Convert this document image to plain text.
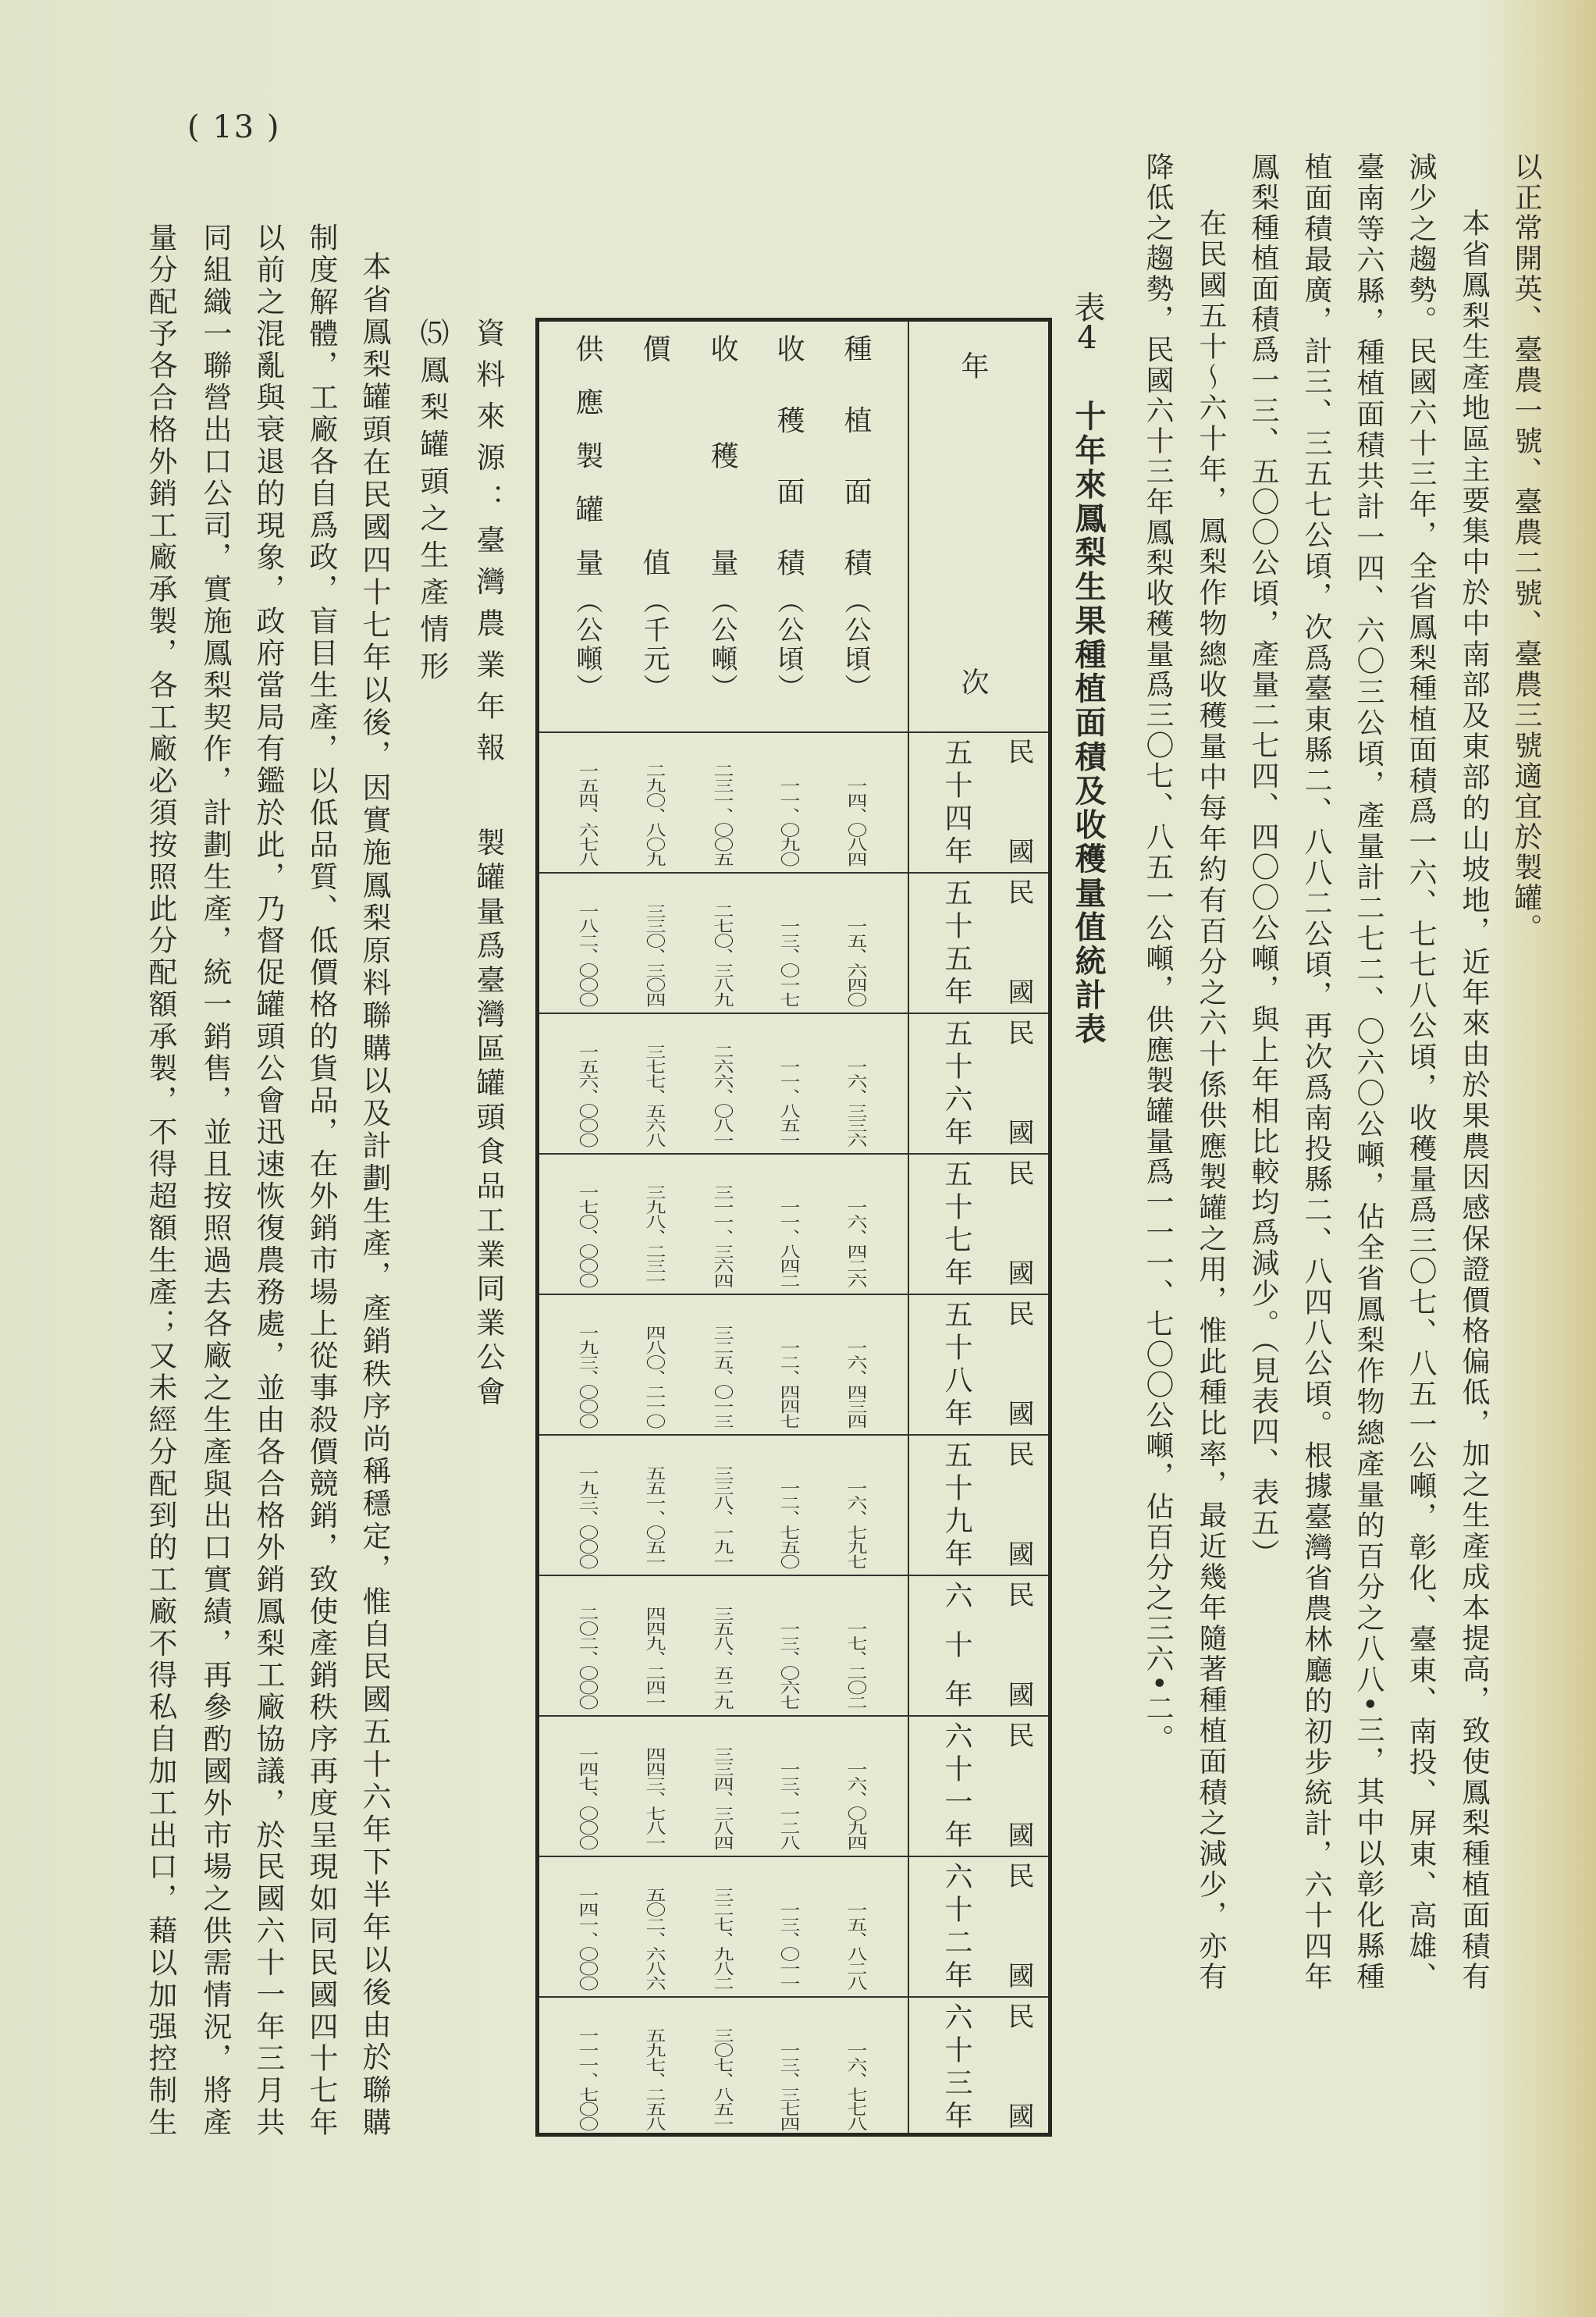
( 13 )
以正常開英、臺農一號、臺農二號、臺農三號適宜於製罐。
本省鳳梨生產地區主要集中於中南部及東部的山坡地，近年來由於果農因感保證價格偏低，加之生產成本提高，致使鳳梨種植面積有
減少之趨勢。民國六十三年，全省鳳梨種植面積爲一六、七七八公頃，收穫量爲三〇七、八五一公噸，彰化、臺東、南投、屏東、高雄、
臺南等六縣，種植面積共計一四、六〇三公頃，產量計二七二、〇六〇公噸，佔全省鳳梨作物總產量的百分之八八•三，其中以彰化縣種
植面積最廣，計三、三五七公頃，次爲臺東縣二、八八二公頃，再次爲南投縣二、八四八公頃。根據臺灣省農林廳的初步統計，六十四年
鳳梨種植面積爲一三、五〇〇公頃，產量二七四、四〇〇公噸，與上年相比較均爲減少。（見表四、表五）
在民國五十～六十年，鳳梨作物總收穫量中每年約有百分之六十係供應製罐之用，惟此種比率，最近幾年隨著種植面積之減少，亦有
降低之趨勢，民國六十三年鳳梨收穫量爲三〇七、八五一公噸，供應製罐量爲一一一、七〇〇公噸，佔百分之三六•二。
表4
十年來鳳梨生果種植面積及收穫量值統計表
年次
種植面積
（公頃）
收穫面積
（公頃）
收穫量
（公噸）
價值
（千元）
供應製罐量
（公噸）
民國
五十四年
一四、〇八四
一一、〇九〇
二三一、〇〇五
二九〇、八〇九
一五四、六七八
民國
五十五年
一五、六四〇
一三、〇一七
二七〇、三八九
三三〇、三〇四
一八二、〇〇〇
民國
五十六年
一六、三三六
一一、八五一
二六六、〇八一
三七七、五六八
一五六、〇〇〇
民國
五十七年
一六、四二六
一一、八四二
三一一、三六四
三九八、二三一
一七〇、〇〇〇
民國
五十八年
一六、四三四
一二、四四七
三二五、〇一三
四八〇、二一〇
一九三、〇〇〇
民國
五十九年
一六、七九七
一二、七五〇
三三八、一九一
五五一、〇五一
一九三、〇〇〇
民國
六十年
一七、二〇二
一三、〇六七
三五八、五二九
四四九、二四一
二〇二、〇〇〇
民國
六十一年
一六、〇九四
一三、一二八
三三四、三八四
四四三、七八一
一四七、〇〇〇
民國
六十二年
一五、八二八
一三、〇一一
三二七、九八二
五〇二、六八六
一四一、〇〇〇
民國
六十三年
一六、七七八
一三、三七四
三〇七、八五一
五九七、二五八
一一一、七〇〇
資料來源：臺灣農業年報
製罐量爲臺灣區罐頭食品工業同業公會
⑸鳳梨罐頭之生產情形
本省鳳梨罐頭在民國四十七年以後，因實施鳳梨原料聯購以及計劃生產，產銷秩序尚稱穩定，惟自民國五十六年下半年以後由於聯購
制度解體，工廠各自爲政，盲目生產，以低品質、低價格的貨品，在外銷市場上從事殺價競銷，致使產銷秩序再度呈現如同民國四十七年
以前之混亂與衰退的現象，政府當局有鑑於此，乃督促罐頭公會迅速恢復農務處，並由各合格外銷鳳梨工廠協議，於民國六十一年三月共
同組織一聯營出口公司，實施鳳梨契作，計劃生產，統一銷售，並且按照過去各廠之生產與出口實績，再參酌國外市場之供需情況，將產
量分配予各合格外銷工廠承製，各工廠必須按照此分配額承製，不得超額生產；又未經分配到的工廠不得私自加工出口，藉以加强控制生
